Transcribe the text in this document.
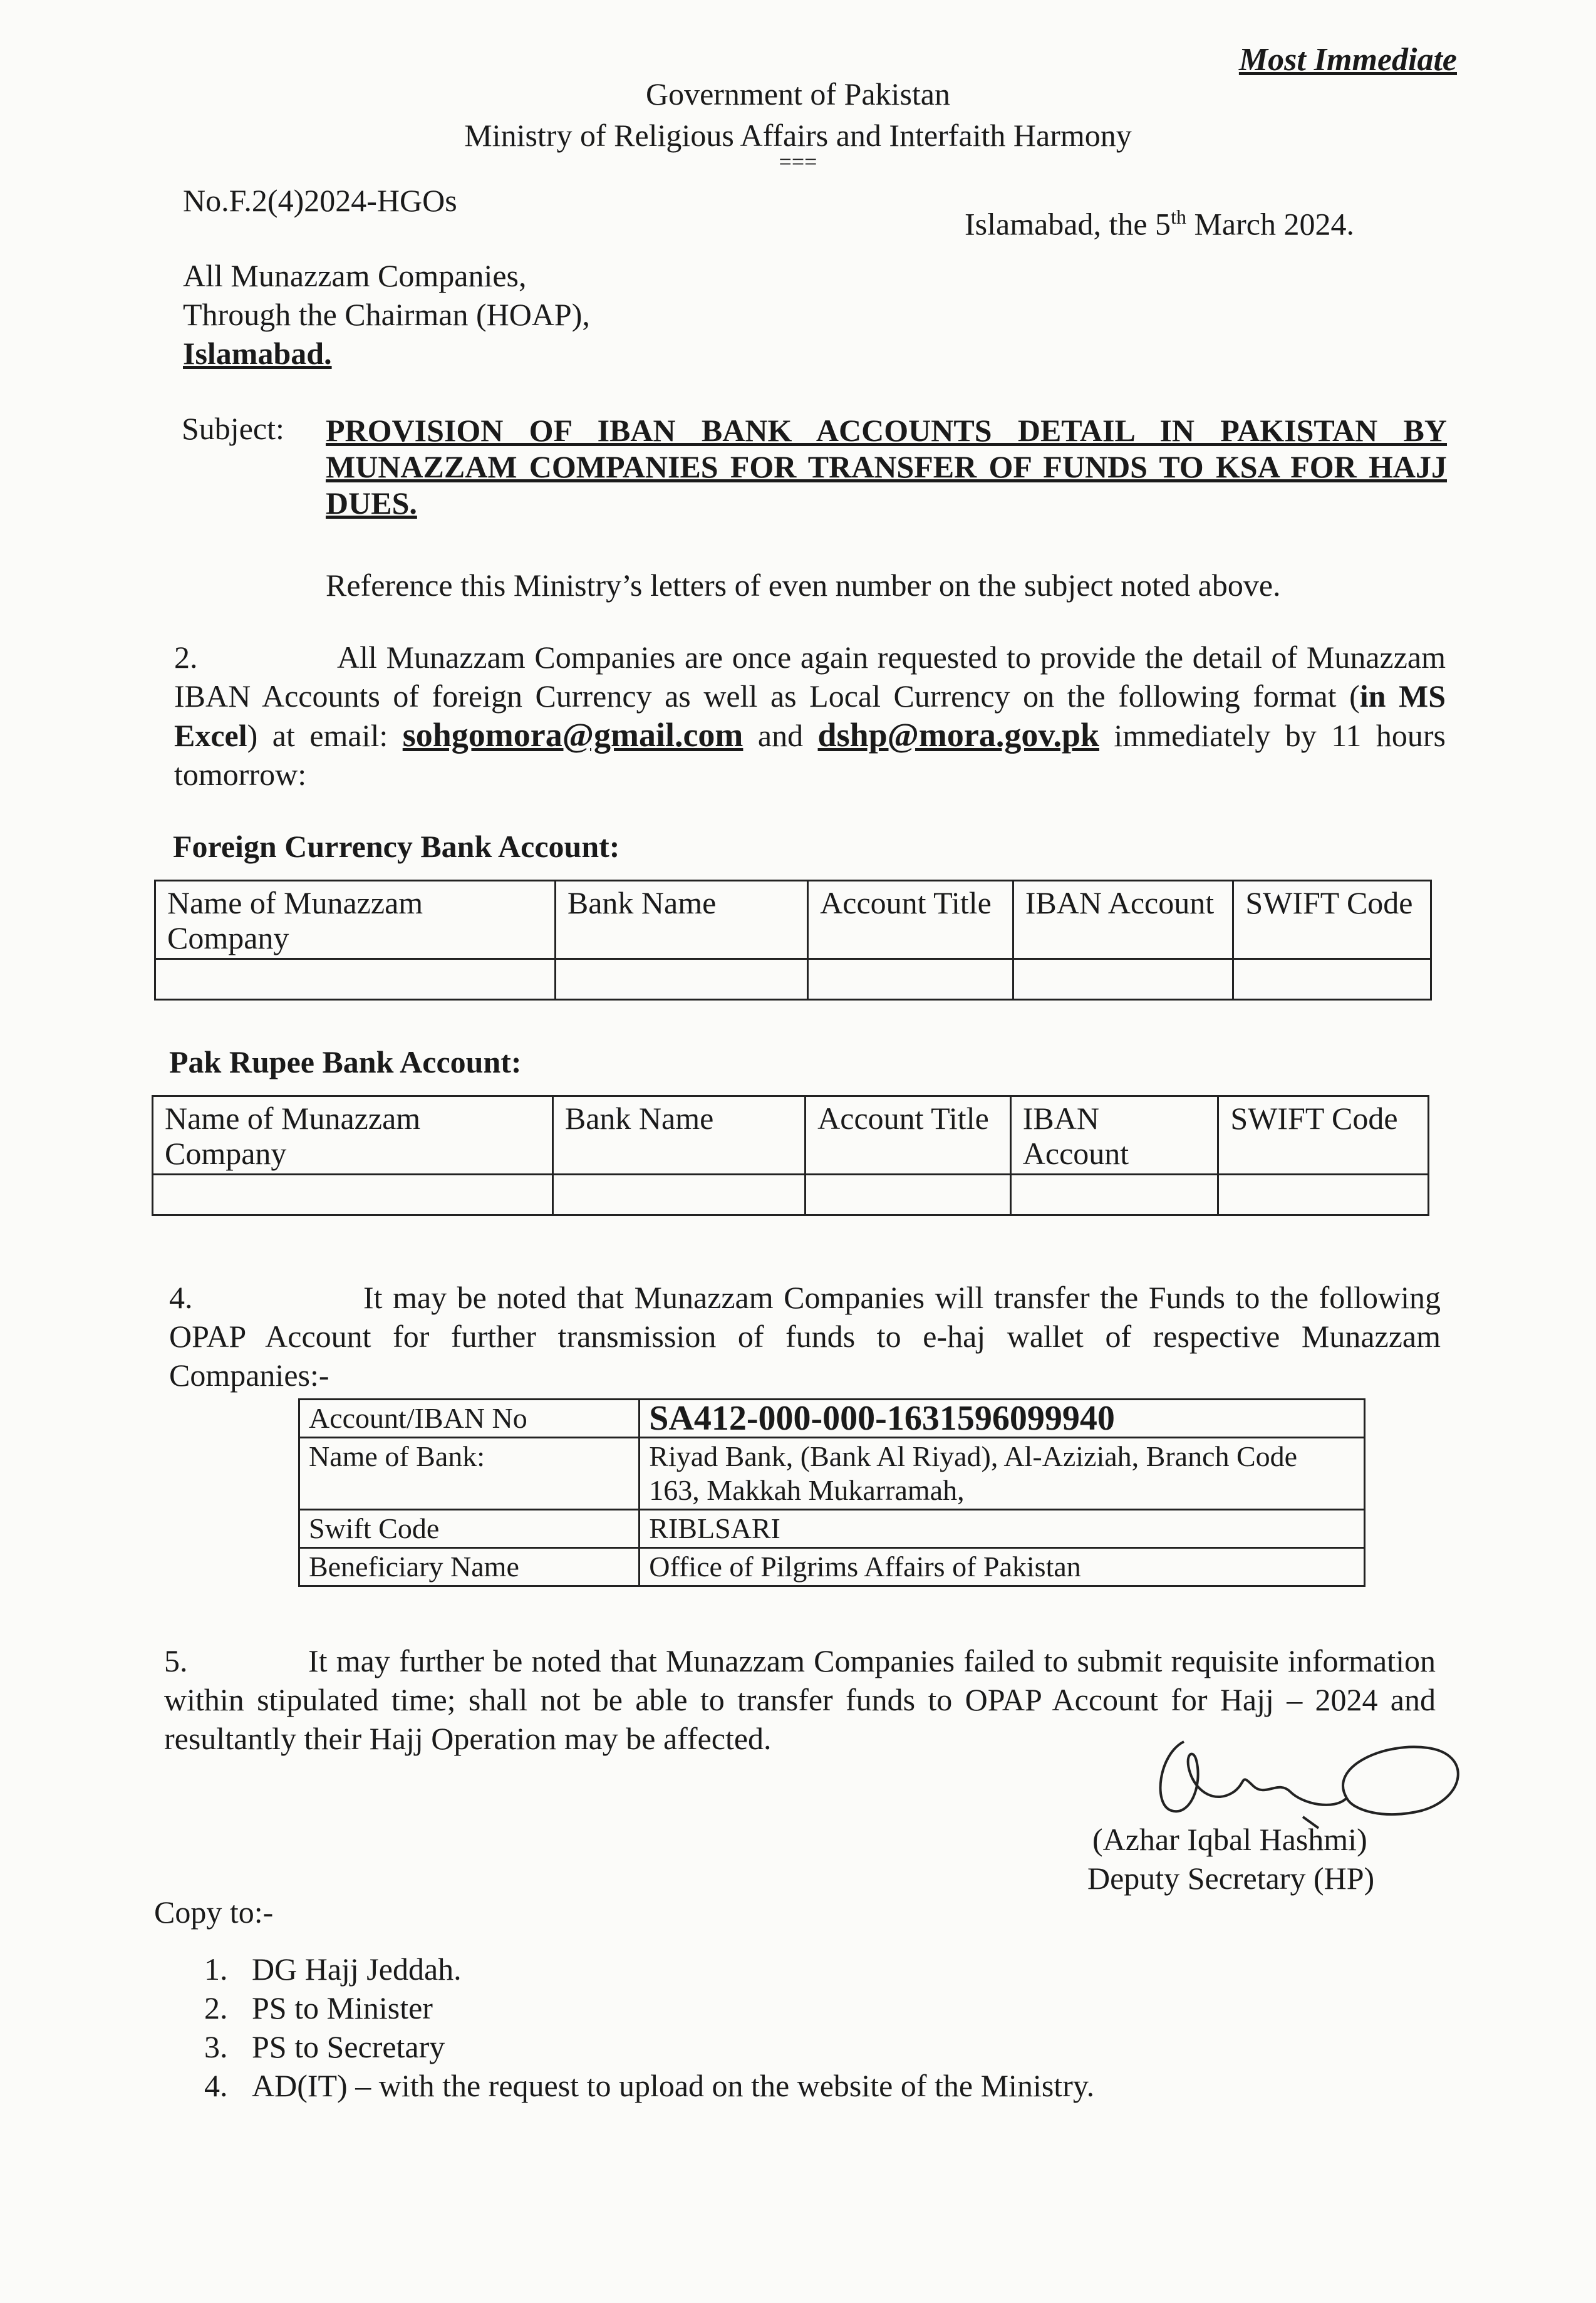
Most Immediate
Government of Pakistan
Ministry of Religious Affairs and Interfaith Harmony
===
No.F.2(4)2024-HGOs
Islamabad, the 5th March 2024.
All Munazzam Companies,
Through the Chairman (HOAP),
Islamabad.
Subject: PROVISION OF IBAN BANK ACCOUNTS DETAIL IN PAKISTAN BY MUNAZZAM COMPANIES FOR TRANSFER OF FUNDS TO KSA FOR HAJJ DUES.
Reference this Ministry’s letters of even number on the subject noted above.
2.	All Munazzam Companies are once again requested to provide the detail of Munazzam IBAN Accounts of foreign Currency as well as Local Currency on the following format (in MS Excel) at email: sohgomora@gmail.com and dshp@mora.gov.pk immediately by 11 hours tomorrow:
Foreign Currency Bank Account:
Name of Munazzam Company	Bank Name	Account Title	IBAN Account	SWIFT Code

Pak Rupee Bank Account:
Name of Munazzam Company	Bank Name	Account Title	IBAN Account	SWIFT Code

4.	It may be noted that Munazzam Companies will transfer the Funds to the following OPAP Account for further transmission of funds to e-haj wallet of respective Munazzam Companies:-
Account/IBAN No	SA412-000-000-1631596099940
Name of Bank:	Riyad Bank, (Bank Al Riyad), Al-Aziziah, Branch Code 163, Makkah Mukarramah,
Swift Code	RIBLSARI
Beneficiary Name	Office of Pilgrims Affairs of Pakistan
5.	It may further be noted that Munazzam Companies failed to submit requisite information within stipulated time; shall not be able to transfer funds to OPAP Account for Hajj – 2024 and resultantly their Hajj Operation may be affected.
(Azhar Iqbal Hashmi)
Deputy Secretary (HP)
Copy to:-
1. DG Hajj Jeddah.
2. PS to Minister
3. PS to Secretary
4. AD(IT) – with the request to upload on the website of the Ministry.
